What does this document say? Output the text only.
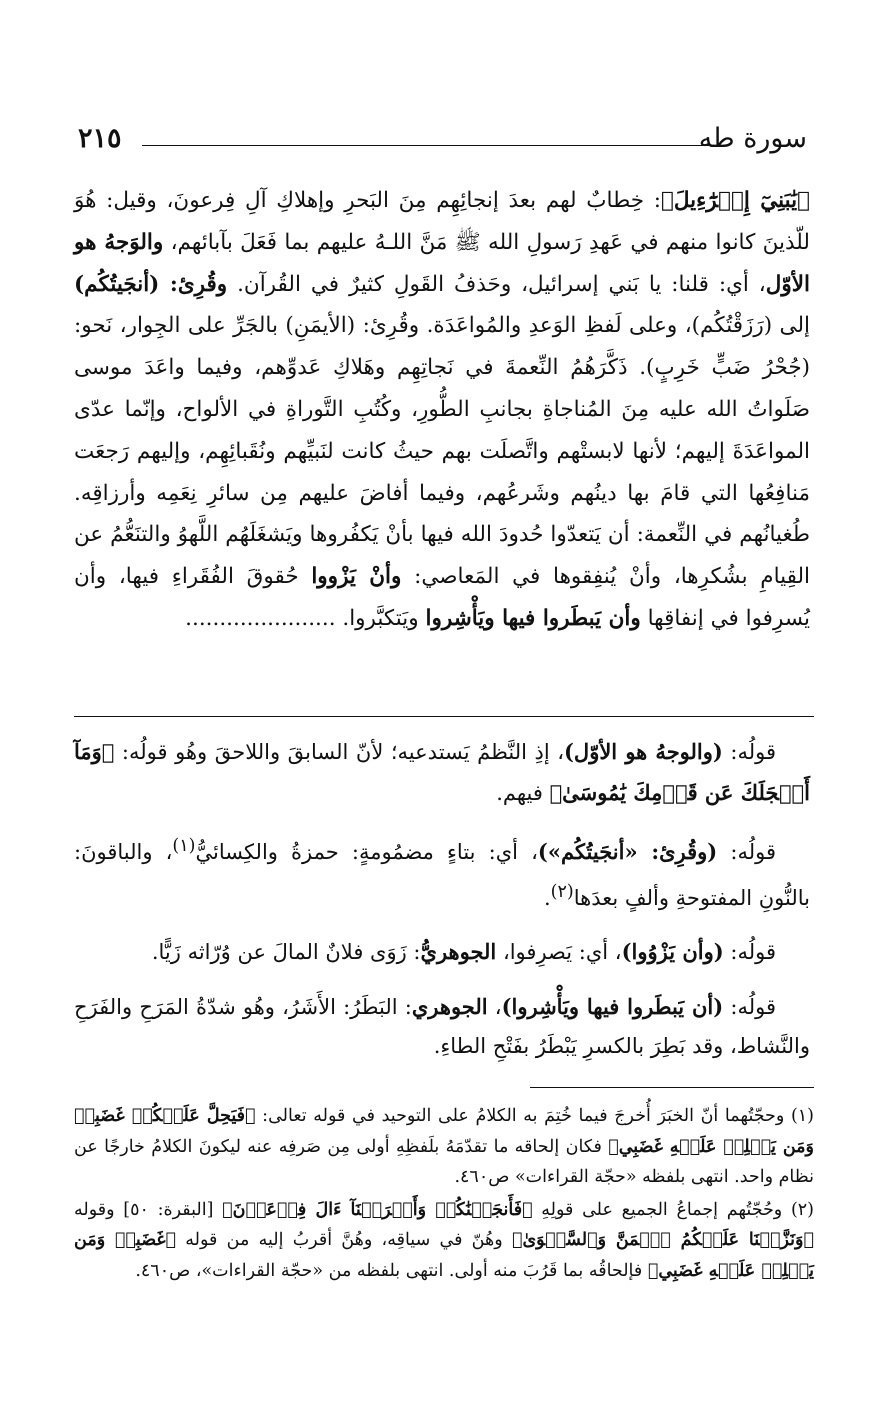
سورة طه
٢١٥

﴿يَٰبَنِيٓ إِسۡرَٰٓءِيلَ﴾: خِطابٌ لهم بعدَ إنجائِهِم مِنَ البَحرِ وإهلاكِ آلِ فِرعونَ، وقيل: هُوَ للّذينَ كانوا منهم في عَهدِ رَسولِ الله ﷺ مَنَّ اللـهُ عليهم بما فَعَلَ بآبائهم، والوَجهُ هو الأوّل، أي: قلنا: يا بَني إسرائيل، وحَذفُ القَولِ كثيرٌ في القُرآن. وقُرِئ: (أنجَيتُكُم) إلى (رَزَقْتُكُم)، وعلى لَفظِ الوَعدِ والمُواعَدَة. وقُرِئ: (الأيمَنِ) بالجَرِّ على الجِوار، نَحو: (جُحْرُ ضَبٍّ خَرِبٍ). ذَكَّرَهُمُ النِّعمةَ في نَجاتِهِم وهَلاكِ عَدوِّهم، وفيما واعَدَ موسى صَلَواتُ الله عليه مِنَ المُناجاةِ بجانبِ الطُّورِ، وكُتُبِ التَّوراةِ في الألواح، وإنّما عدّى المواعَدَةَ إليهم؛ لأنها لابستْهم واتَّصلَت بهم حيثُ كانت لنَبيِّهم ونُقَبائِهِم، وإليهم رَجعَت مَنافِعُها التي قامَ بها دينُهم وشَرعُهم، وفيما أفاضَ عليهم مِن سائرِ نِعَمِه وأرزاقِه. طُغيانُهم في النِّعمة: أن يَتعدّوا حُدودَ الله فيها بأنْ يَكفُروها ويَشغَلَهُم اللَّهوُ والتنَعُّمُ عن القِيامِ بشُكرِها، وأنْ يُنفِقوها في المَعاصي: وأنْ يَزْووا حُقوقَ الفُقَراءِ فيها، وأن يُسرِفوا في إنفاقِها وأن يَبطَروا فيها ويَأْشِروا ويَتكبَّروا. ......................

قولُه: (والوجهُ هو الأوّل)، إذِ النَّظمُ يَستدعيه؛ لأنّ السابقَ واللاحقَ وهُو قولُه: ﴿وَمَآ أَعۡجَلَكَ عَن قَوۡمِكَ يَٰمُوسَىٰ﴾ فيهم.

قولُه: (وقُرِئ: «أنجَيتُكُم»)، أي: بتاءٍ مضمُومةٍ: حمزةُ والكِسائيُّ$^{(١)}$، والباقونَ: بالنُّونِ المفتوحةِ وألفٍ بعدَها$^{(٢)}$.

قولُه: (وأن يَزْوُوا)، أي: يَصرِفوا، الجوهريُّ: زَوَى فلانٌ المالَ عن وُرّاثه زَيًّا.

قولُه: (أن يَبطَروا فيها ويَأْشِروا)، الجوهري: البَطَرُ: الأَشَرُ، وهُو شدّةُ المَرَحِ والفَرَحِ والنَّشاط، وقد بَطِرَ بالكسرِ يَبْطَرُ بفَتْحِ الطاءِ.

(١) وحجّتُهما أنّ الخبَرَ أُخرجَ فيما خُتِمَ به الكلامُ على التوحيد في قوله تعالى: ﴿فَيَحِلَّ عَلَيۡكُمۡ غَضَبِيۖ وَمَن يَحۡلِلۡ عَلَيۡهِ غَضَبِي﴾ فكان إلحاقه ما تقدّمَهُ بلَفظِهِ أولى مِن صَرفِه عنه ليكونَ الكلامُ خارجًا عن نظام واحد. انتهى بلفظه «حجّة القراءات» ص٤٦٠.

(٢) وحُجّتُهم إجماعُ الجميع على قولِهِ ﴿فَأَنجَيۡنَٰكُمۡ وَأَغۡرَقۡنَآ ءَالَ فِرۡعَوۡنَ﴾ [البقرة: ٥٠] وقوله ﴿وَنَزَّلۡنَا عَلَيۡكُمُ ٱلۡمَنَّ وَٱلسَّلۡوَىٰ﴾ وهُنّ في سياقِه، وهُنَّ أقربُ إليه من قوله ﴿غَضَبِيۖ وَمَن يَحۡلِلۡ عَلَيۡهِ غَضَبِي﴾ فإلحاقُه بما قَرُبَ منه أولى. انتهى بلفظه من «حجّة القراءات»، ص٤٦٠.
